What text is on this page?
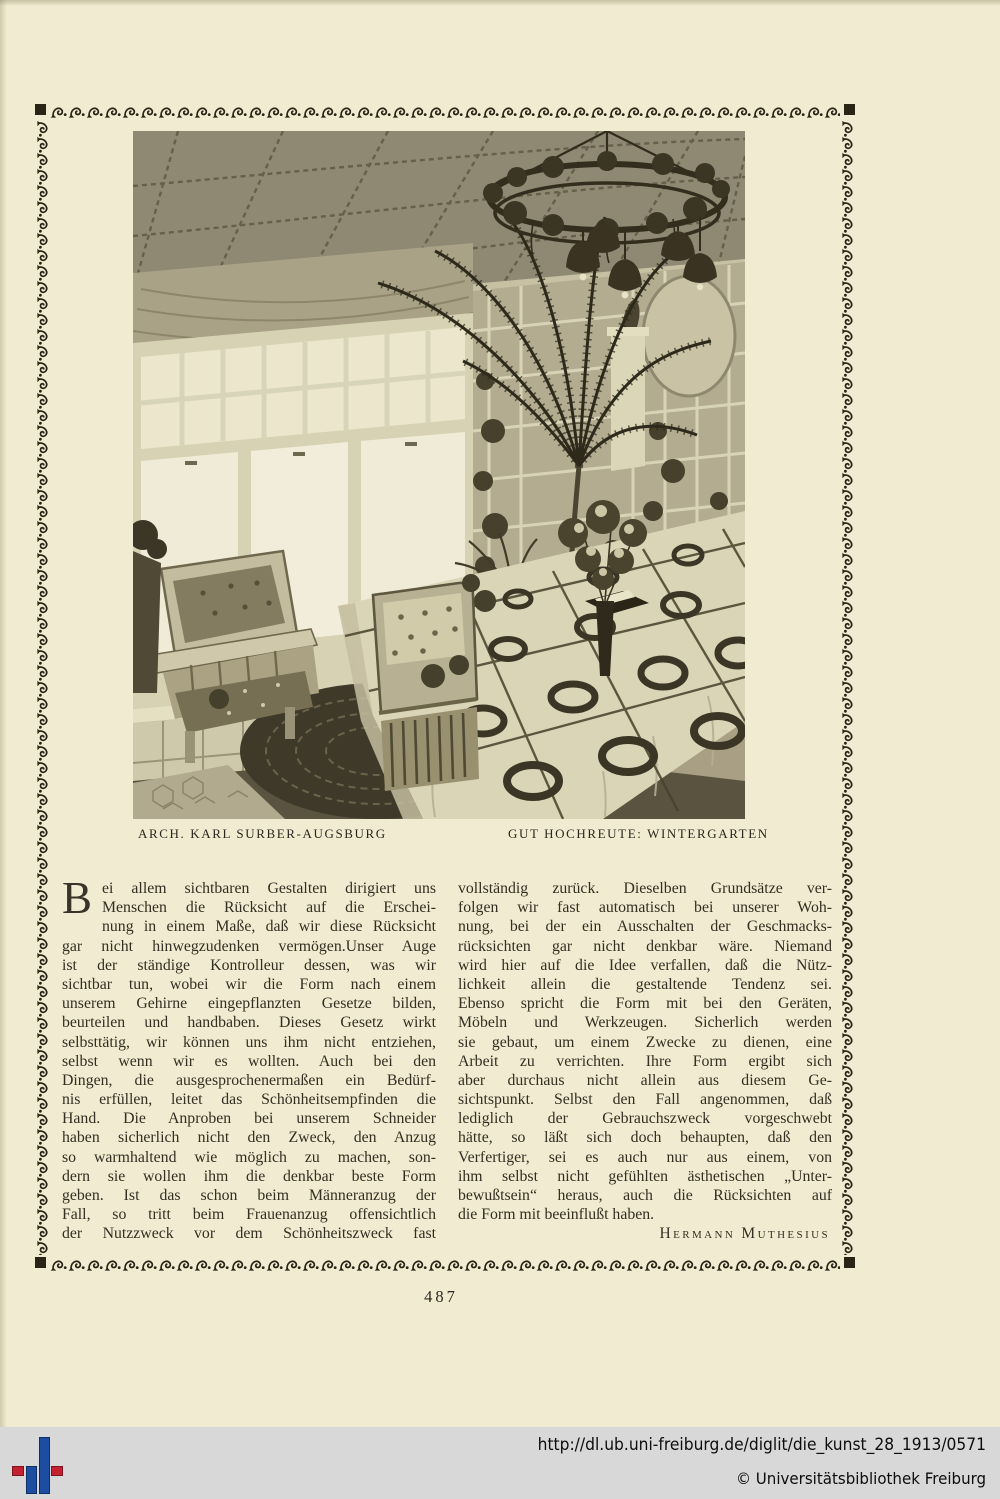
ARCH. KARL SURBER-AUGSBURG	GUT HOCHREUTE: WINTERGARTEN
B ei allem sichtbaren Gestalten dirigiert uns
Menschen die Rücksicht auf die Erschei-
nung in einem Maße, daß wir diese Rücksicht
gar nicht hinwegzudenken vermögen.Unser Auge
ist der ständige Kontrolleur dessen, was wir
sichtbar tun, wobei wir die Form nach einem
unserem Gehirne eingepflanzten Gesetze bilden,
beurteilen und handbaben. Dieses Gesetz wirkt
selbsttätig, wir können uns ihm nicht entziehen,
selbst wenn wir es wollten. Auch bei den
Dingen, die ausgesprochenermaßen ein Bedürf-
nis erfüllen, leitet das Schönheitsempfinden die
Hand. Die Anproben bei unserem Schneider
haben sicherlich nicht den Zweck, den Anzug
so warmhaltend wie möglich zu machen, son-
dern sie wollen ihm die denkbar beste Form
geben. Ist das schon beim Männeranzug der
Fall, so tritt beim Frauenanzug offensichtlich
der Nutzzweck vor dem Schönheitszweck fast
vollständig zurück. Dieselben Grundsätze ver-
folgen wir fast automatisch bei unserer Woh-
nung, bei der ein Ausschalten der Geschmacks-
rücksichten gar nicht denkbar wäre. Niemand
wird hier auf die Idee verfallen, daß die Nütz-
lichkeit allein die gestaltende Tendenz sei.
Ebenso spricht die Form mit bei den Geräten,
Möbeln und Werkzeugen. Sicherlich werden
sie gebaut, um einem Zwecke zu dienen, eine
Arbeit zu verrichten. Ihre Form ergibt sich
aber durchaus nicht allein aus diesem Ge-
sichtspunkt. Selbst den Fall angenommen, daß
lediglich der Gebrauchszweck vorgeschwebt
hätte, so läßt sich doch behaupten, daß den
Verfertiger, sei es auch nur aus einem, von
ihm selbst nicht gefühlten ästhetischen „Unter-
bewußtsein“ heraus, auch die Rücksichten auf
die Form mit beeinflußt haben.
Hermann Muthesius
487
http://dl.ub.uni-freiburg.de/diglit/die_kunst_28_1913/0571
© Universitätsbibliothek Freiburg
